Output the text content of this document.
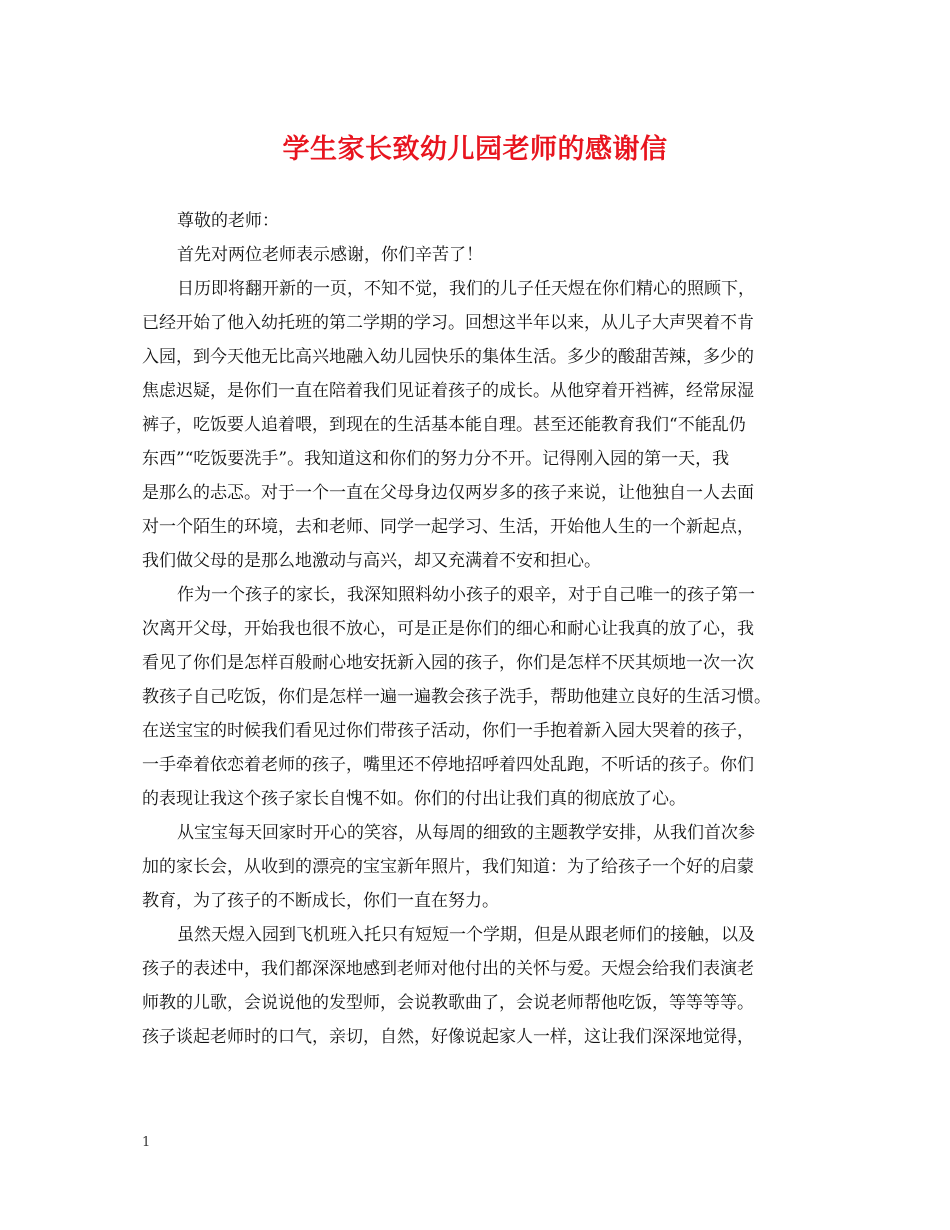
学生家长致幼儿园老师的感谢信
尊敬的老师：
首先对两位老师表示感谢，你们辛苦了！
日历即将翻开新的一页，不知不觉，我们的儿子任天煜在你们精心的照顾下，
已经开始了他入幼托班的第二学期的学习。回想这半年以来，从儿子大声哭着不肯
入园，到今天他无比高兴地融入幼儿园快乐的集体生活。多少的酸甜苦辣，多少的
焦虑迟疑，是你们一直在陪着我们见证着孩子的成长。从他穿着开裆裤，经常尿湿
裤子，吃饭要人追着喂，到现在的生活基本能自理。甚至还能教育我们“不能乱仍
东西”“吃饭要洗手”。我知道这和你们的努力分不开。记得刚入园的第一天，我
是那么的忐忑。对于一个一直在父母身边仅两岁多的孩子来说，让他独自一人去面
对一个陌生的环境，去和老师、同学一起学习、生活，开始他人生的一个新起点，
我们做父母的是那么地激动与高兴，却又充满着不安和担心。
作为一个孩子的家长，我深知照料幼小孩子的艰辛，对于自己唯一的孩子第一
次离开父母，开始我也很不放心，可是正是你们的细心和耐心让我真的放了心，我
看见了你们是怎样百般耐心地安抚新入园的孩子，你们是怎样不厌其烦地一次一次
教孩子自己吃饭，你们是怎样一遍一遍教会孩子洗手，帮助他建立良好的生活习惯。
在送宝宝的时候我们看见过你们带孩子活动，你们一手抱着新入园大哭着的孩子，
一手牵着依恋着老师的孩子，嘴里还不停地招呼着四处乱跑，不听话的孩子。你们
的表现让我这个孩子家长自愧不如。你们的付出让我们真的彻底放了心。
从宝宝每天回家时开心的笑容，从每周的细致的主题教学安排，从我们首次参
加的家长会，从收到的漂亮的宝宝新年照片，我们知道：为了给孩子一个好的启蒙
教育，为了孩子的不断成长，你们一直在努力。
虽然天煜入园到飞机班入托只有短短一个学期，但是从跟老师们的接触，以及
孩子的表述中，我们都深深地感到老师对他付出的关怀与爱。天煜会给我们表演老
师教的儿歌，会说说他的发型师，会说教歌曲了，会说老师帮他吃饭，等等等等。
孩子谈起老师时的口气，亲切，自然，好像说起家人一样，这让我们深深地觉得，
1
